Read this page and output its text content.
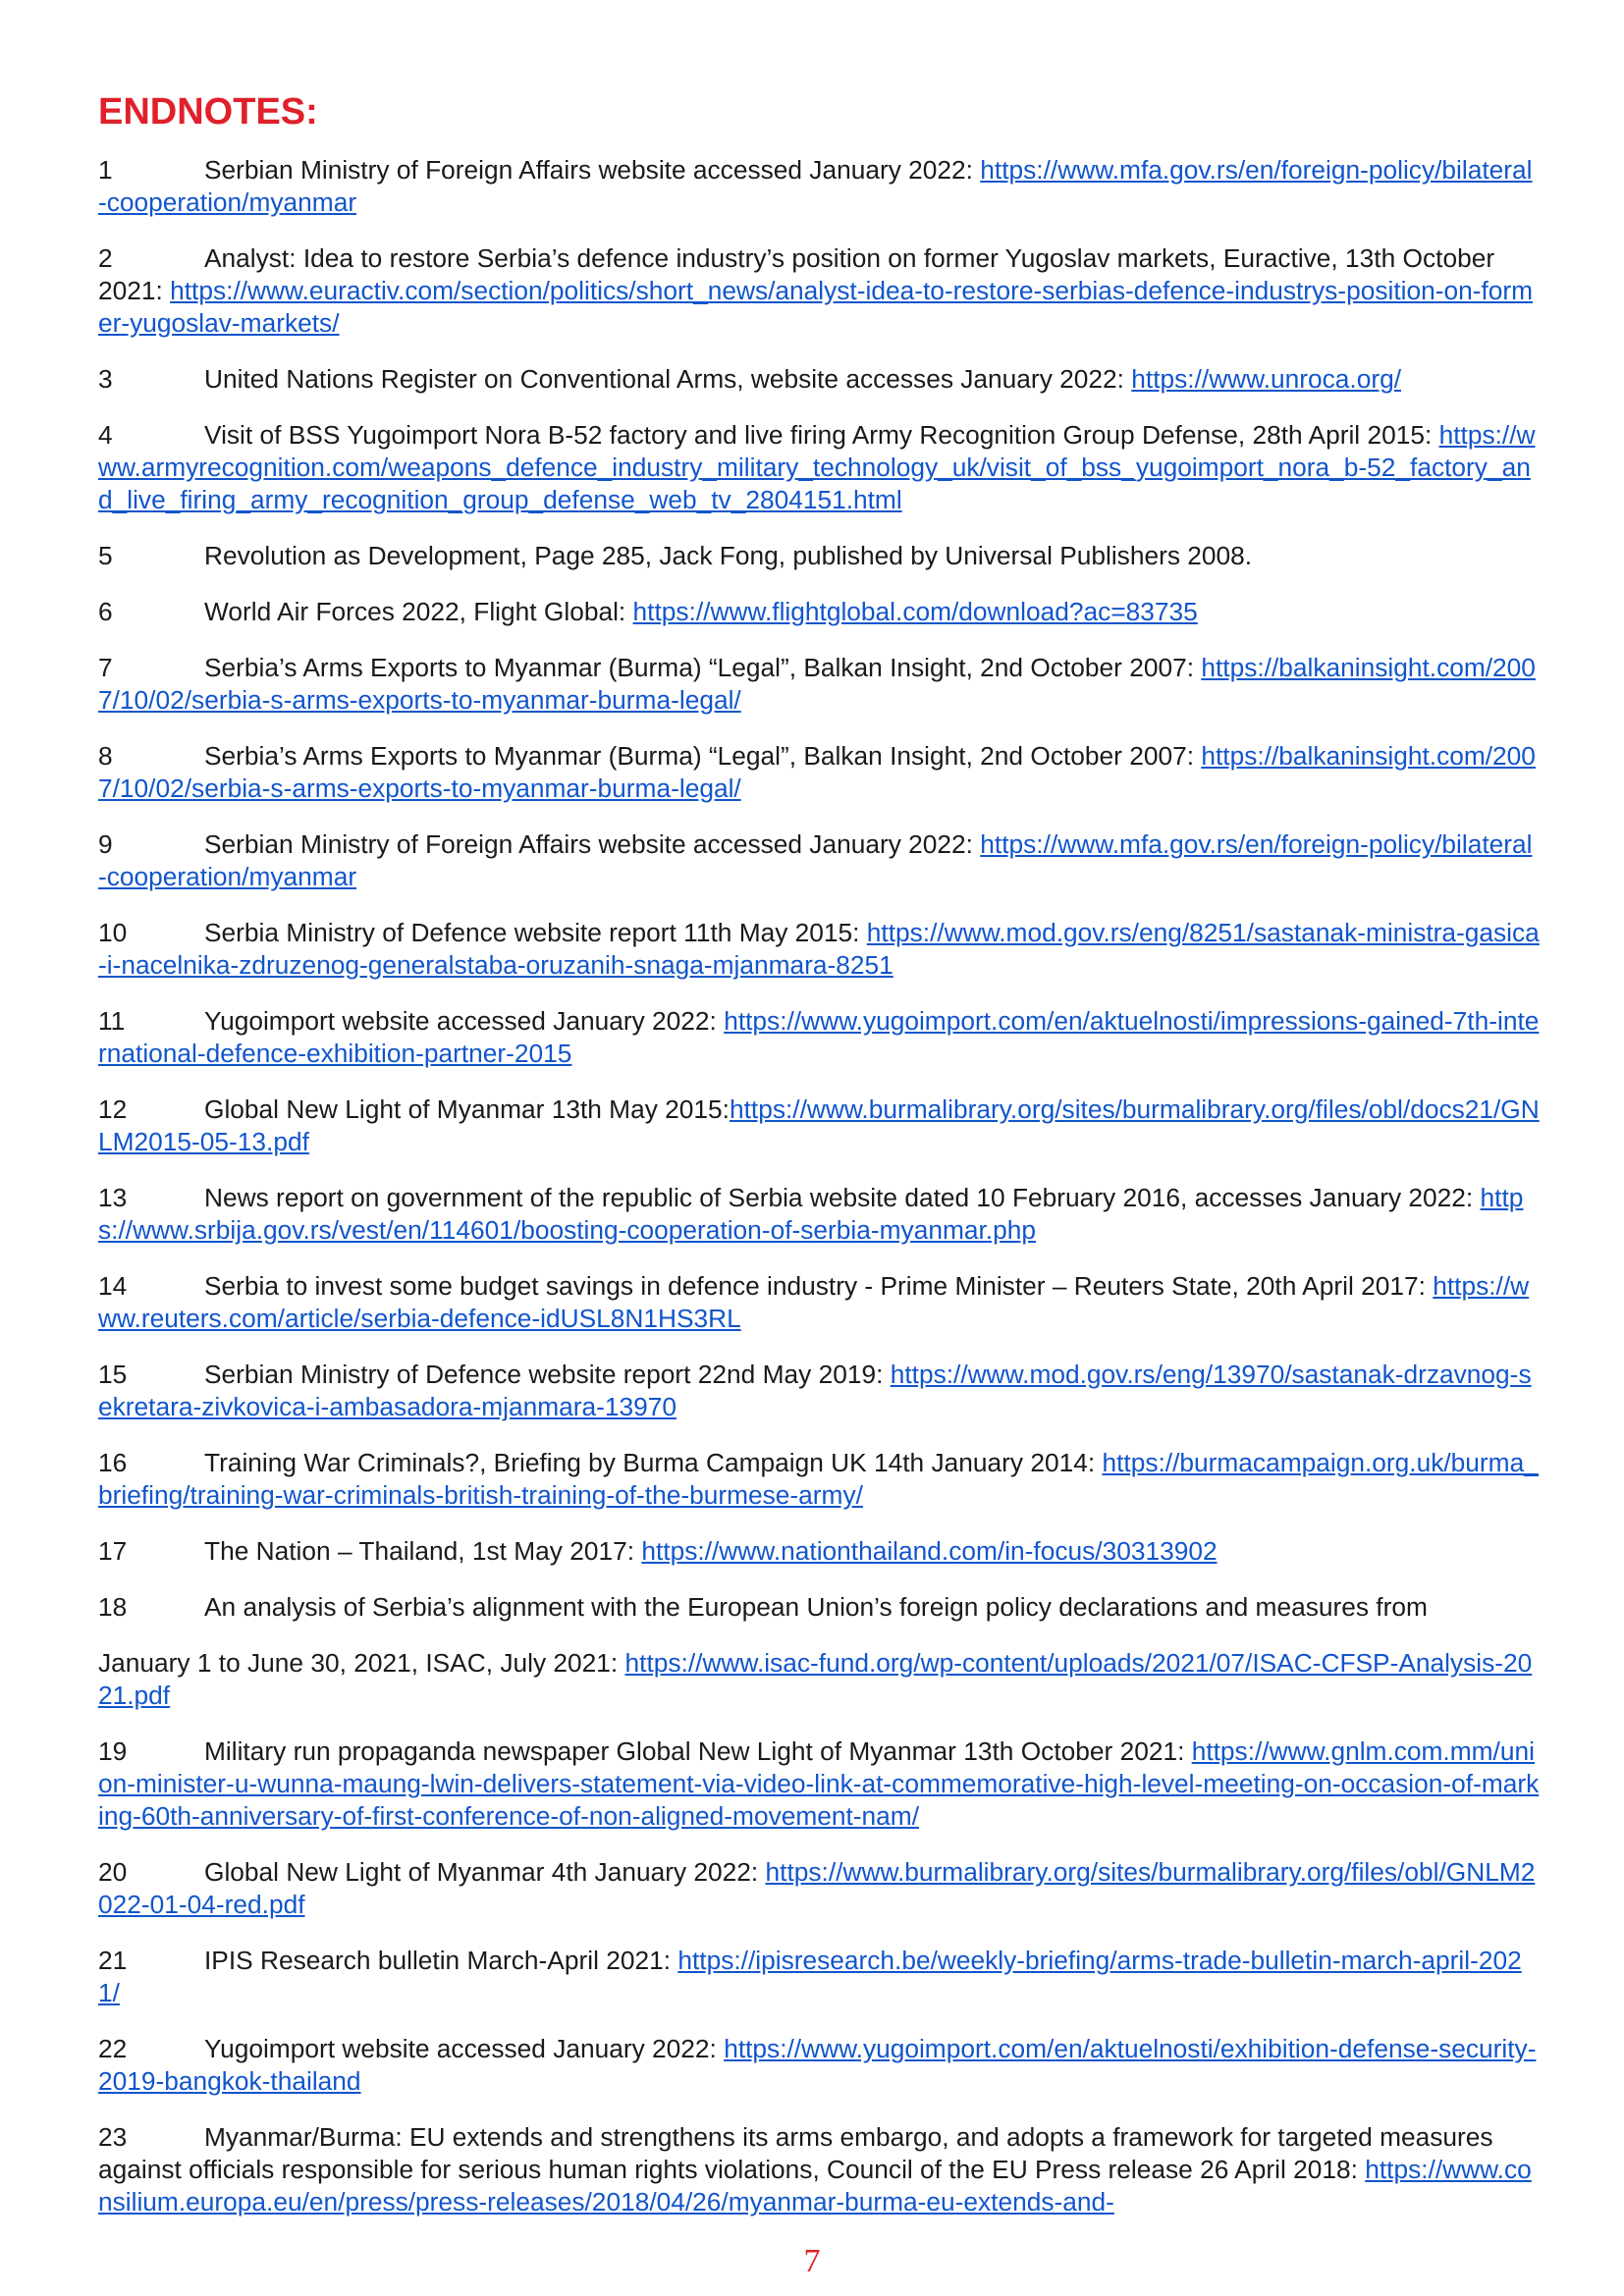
ENDNOTES:

1	Serbian Ministry of Foreign Affairs website accessed January 2022: https://www.mfa.gov.rs/en/foreign-policy/bilateral-cooperation/myanmar

2	Analyst: Idea to restore Serbia’s defence industry’s position on former Yugoslav markets, Euractive, 13th October 2021: https://www.euractiv.com/section/politics/short_news/analyst-idea-to-restore-serbias-defence-industrys-position-on-former-yugoslav-markets/

3	United Nations Register on Conventional Arms, website accesses January 2022: https://www.unroca.org/

4	Visit of BSS Yugoimport Nora B-52 factory and live firing Army Recognition Group Defense, 28th April 2015: https://www.armyrecognition.com/weapons_defence_industry_military_technology_uk/visit_of_bss_yugoimport_nora_b-52_factory_and_live_firing_army_recognition_group_defense_web_tv_2804151.html

5	Revolution as Development, Page 285, Jack Fong, published by Universal Publishers 2008.

6	World Air Forces 2022, Flight Global: https://www.flightglobal.com/download?ac=83735

7	Serbia’s Arms Exports to Myanmar (Burma) “Legal”, Balkan Insight, 2nd October 2007: https://balkaninsight.com/2007/10/02/serbia-s-arms-exports-to-myanmar-burma-legal/

8	Serbia’s Arms Exports to Myanmar (Burma) “Legal”, Balkan Insight, 2nd October 2007: https://balkaninsight.com/2007/10/02/serbia-s-arms-exports-to-myanmar-burma-legal/

9	Serbian Ministry of Foreign Affairs website accessed January 2022: https://www.mfa.gov.rs/en/foreign-policy/bilateral-cooperation/myanmar

10	Serbia Ministry of Defence website report 11th May 2015: https://www.mod.gov.rs/eng/8251/sastanak-ministra-gasica-i-nacelnika-zdruzenog-generalstaba-oruzanih-snaga-mjanmara-8251

11	Yugoimport website accessed January 2022: https://www.yugoimport.com/en/aktuelnosti/impressions-gained-7th-international-defence-exhibition-partner-2015

12	Global New Light of Myanmar 13th May 2015:https://www.burmalibrary.org/sites/burmalibrary.org/files/obl/docs21/GNLM2015-05-13.pdf

13	News report on government of the republic of Serbia website dated 10 February 2016, accesses January 2022: https://www.srbija.gov.rs/vest/en/114601/boosting-cooperation-of-serbia-myanmar.php

14	Serbia to invest some budget savings in defence industry - Prime Minister – Reuters State, 20th April 2017: https://www.reuters.com/article/serbia-defence-idUSL8N1HS3RL

15	Serbian Ministry of Defence website report 22nd May 2019: https://www.mod.gov.rs/eng/13970/sastanak-drzavnog-sekretara-zivkovica-i-ambasadora-mjanmara-13970

16	Training War Criminals?, Briefing by Burma Campaign UK 14th January 2014: https://burmacampaign.org.uk/burma_briefing/training-war-criminals-british-training-of-the-burmese-army/

17	The Nation – Thailand, 1st May 2017: https://www.nationthailand.com/in-focus/30313902

18	An analysis of Serbia’s alignment with the European Union’s foreign policy declarations and measures from
January 1 to June 30, 2021, ISAC, July 2021: https://www.isac-fund.org/wp-content/uploads/2021/07/ISAC-CFSP-Analysis-2021.pdf

19	Military run propaganda newspaper Global New Light of Myanmar 13th October 2021: https://www.gnlm.com.mm/union-minister-u-wunna-maung-lwin-delivers-statement-via-video-link-at-commemorative-high-level-meeting-on-occasion-of-marking-60th-anniversary-of-first-conference-of-non-aligned-movement-nam/

20	Global New Light of Myanmar 4th January 2022: https://www.burmalibrary.org/sites/burmalibrary.org/files/obl/GNLM2022-01-04-red.pdf

21	IPIS Research bulletin March-April 2021: https://ipisresearch.be/weekly-briefing/arms-trade-bulletin-march-april-2021/

22	Yugoimport website accessed January 2022: https://www.yugoimport.com/en/aktuelnosti/exhibition-defense-security-2019-bangkok-thailand

23	Myanmar/Burma: EU extends and strengthens its arms embargo, and adopts a framework for targeted measures against officials responsible for serious human rights violations, Council of the EU Press release 26 April 2018: https://www.consilium.europa.eu/en/press/press-releases/2018/04/26/myanmar-burma-eu-extends-and-

7
